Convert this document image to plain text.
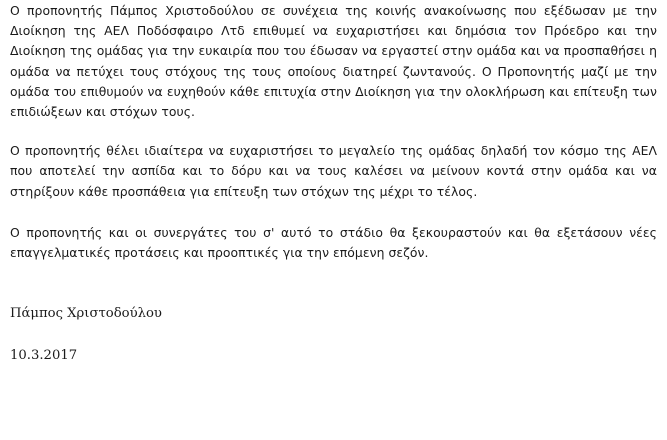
Ο προπονητής Πάμπος Χριστοδούλου σε συνέχεια της κοινής ανακοίνωσης που εξέδωσαν με την Διοίκηση της ΑΕΛ Ποδόσφαιρο Λτδ επιθυμεί να ευχαριστήσει και δημόσια τον Πρόεδρο και την Διοίκηση της ομάδας για την ευκαιρία που του έδωσαν να εργαστεί στην ομάδα και να προσπαθήσει η ομάδα να πετύχει τους στόχους της τους οποίους διατηρεί ζωντανούς. Ο Προπονητής μαζί με την ομάδα του επιθυμούν να ευχηθούν κάθε επιτυχία στην Διοίκηση για την ολοκλήρωση και επίτευξη των επιδιώξεων και στόχων τους.

Ο προπονητής θέλει ιδιαίτερα να ευχαριστήσει το μεγαλείο της ομάδας δηλαδή τον κόσμο της ΑΕΛ που αποτελεί την ασπίδα και το δόρυ και να τους καλέσει να μείνουν κοντά στην ομάδα και να στηρίξουν κάθε προσπάθεια για επίτευξη των στόχων της μέχρι το τέλος.

Ο προπονητής και οι συνεργάτες του σ' αυτό το στάδιο θα ξεκουραστούν και θα εξετάσουν νέες επαγγελματικές προτάσεις και προοπτικές για την επόμενη σεζόν.

Πάμπος Χριστοδούλου

10.3.2017
